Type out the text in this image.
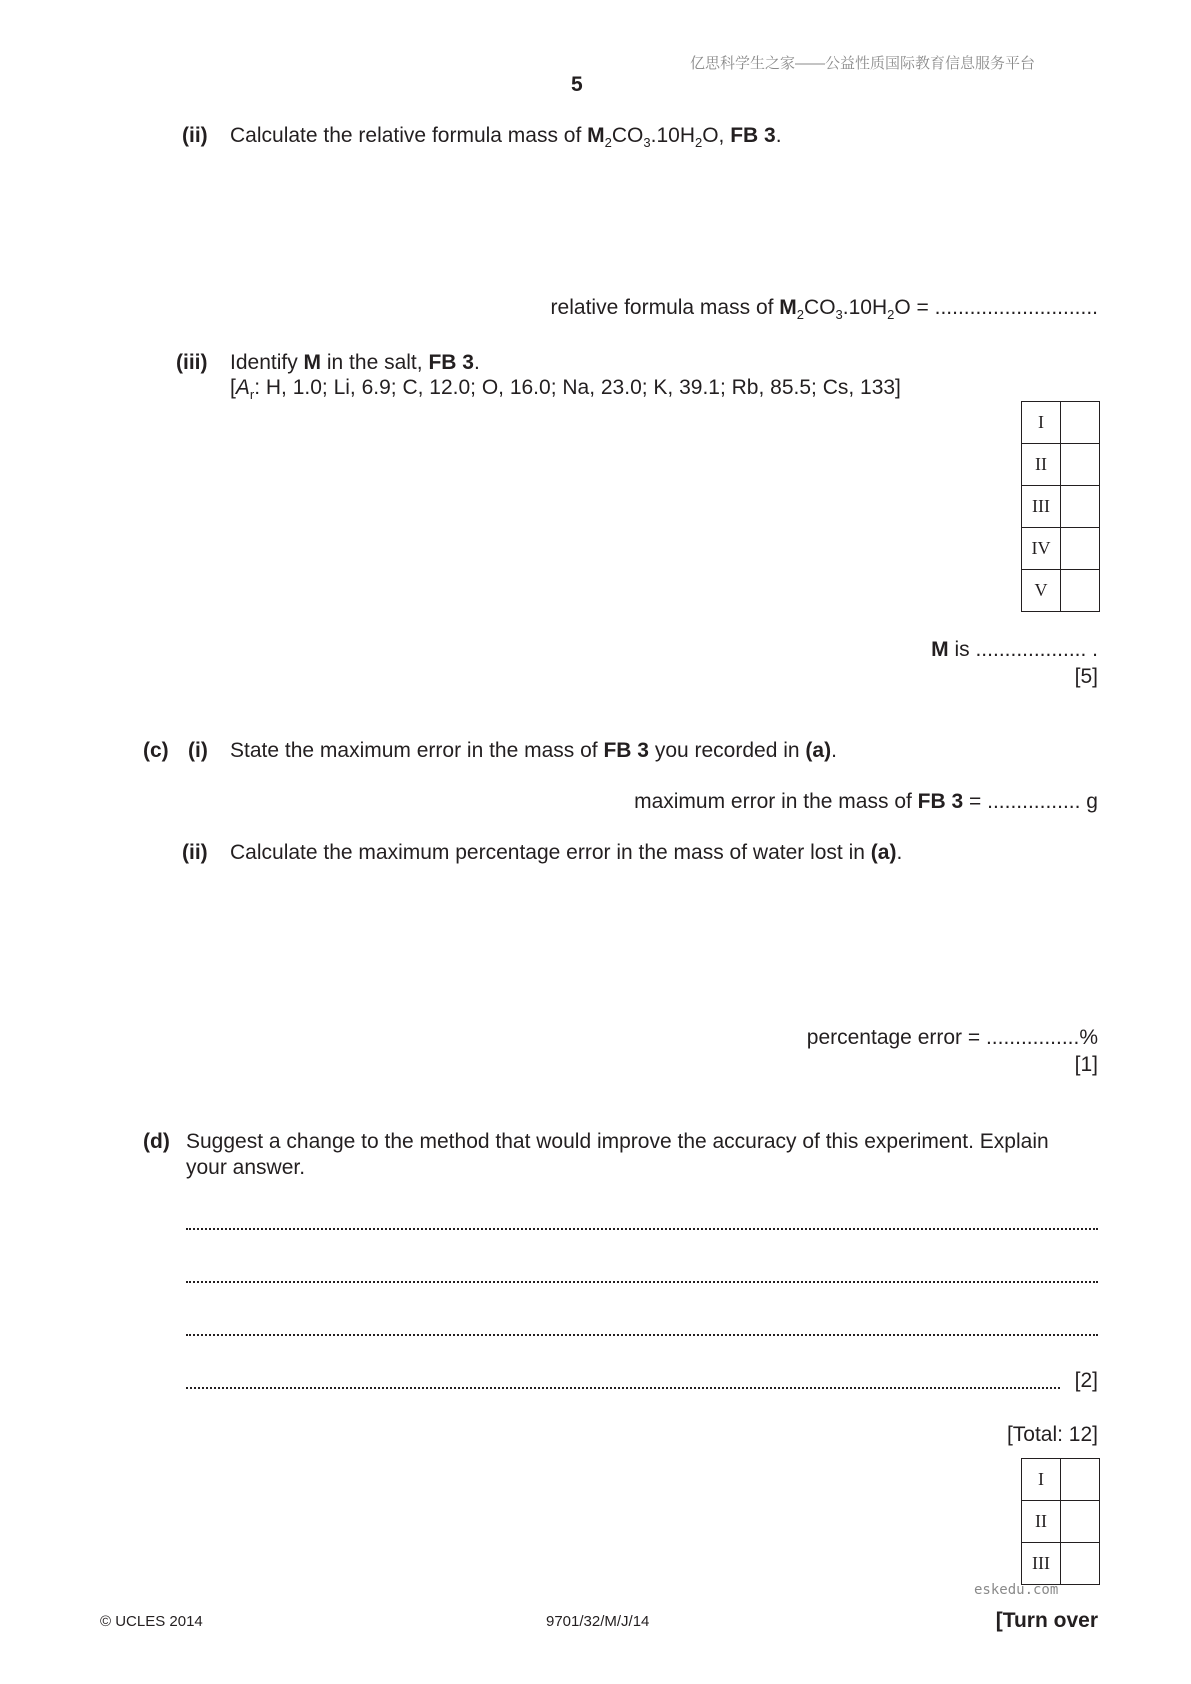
亿思科学生之家——公益性质国际教育信息服务平台
5
(ii) Calculate the relative formula mass of $M_2CO_3.10H_2O$, FB 3.
relative formula mass of $M_2CO_3.10H_2O$ = ............................
(iii) Identify M in the salt, FB 3.
[$A_r$: H, 1.0; Li, 6.9; C, 12.0; O, 16.0; Na, 23.0; K, 39.1; Rb, 85.5; Cs, 133]
I	
II	
III	
IV	
V	
M is ................... .
[5]
(c) (i) State the maximum error in the mass of FB 3 you recorded in (a).
maximum error in the mass of FB 3 = ................ g
(ii) Calculate the maximum percentage error in the mass of water lost in (a).
percentage error = ................%
[1]
(d) Suggest a change to the method that would improve the accuracy of this experiment. Explain
your answer.
[2]
[Total: 12]
I	
II	
III	
eskedu.com
© UCLES 2014	9701/32/M/J/14	[Turn over
